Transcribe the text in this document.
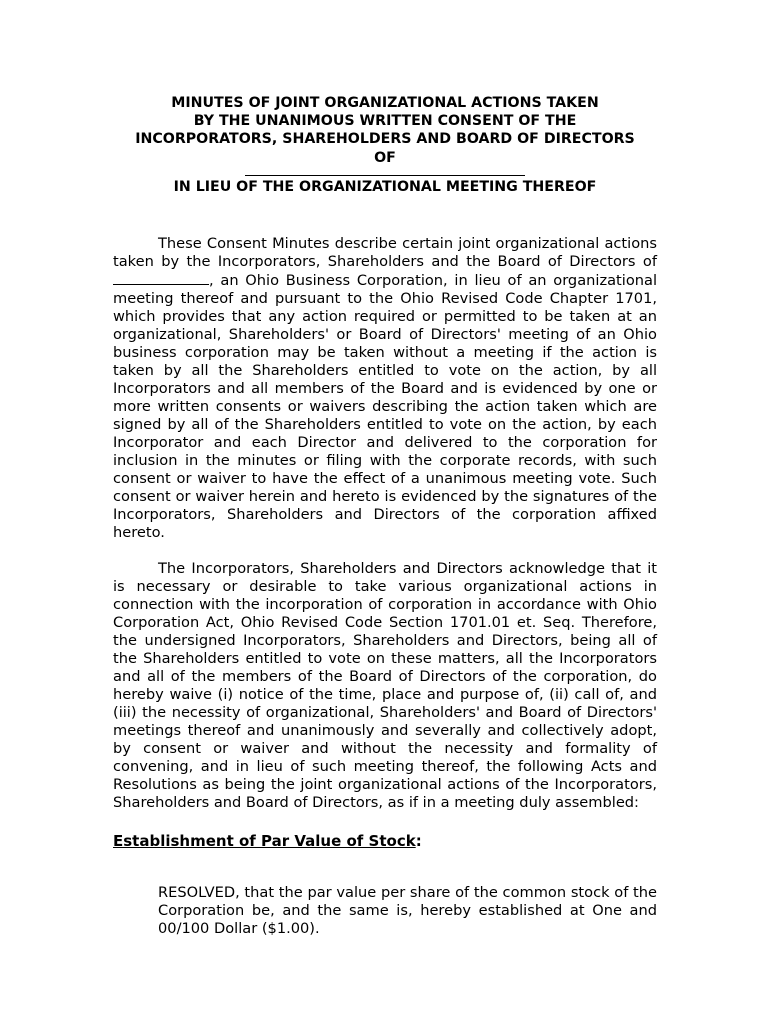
MINUTES OF JOINT ORGANIZATIONAL ACTIONS TAKEN
BY THE UNANIMOUS WRITTEN CONSENT OF THE
INCORPORATORS, SHAREHOLDERS AND BOARD OF DIRECTORS
OF
IN LIEU OF THE ORGANIZATIONAL MEETING THEREOF

These Consent Minutes describe certain joint organizational actions taken by the Incorporators, Shareholders and the Board of Directors of , an Ohio Business Corporation, in lieu of an organizational meeting thereof and pursuant to the Ohio Revised Code Chapter 1701, which provides that any action required or permitted to be taken at an organizational, Shareholders' or Board of Directors' meeting of an Ohio business corporation may be taken without a meeting if the action is taken by all the Shareholders entitled to vote on the action, by all Incorporators and all members of the Board and is evidenced by one or more written consents or waivers describing the action taken which are signed by all of the Shareholders entitled to vote on the action, by each Incorporator and each Director and delivered to the corporation for inclusion in the minutes or filing with the corporate records, with such consent or waiver to have the effect of a unanimous meeting vote. Such consent or waiver herein and hereto is evidenced by the signatures of the Incorporators, Shareholders and Directors of the corporation affixed hereto.

The Incorporators, Shareholders and Directors acknowledge that it is necessary or desirable to take various organizational actions in connection with the incorporation of corporation in accordance with Ohio Corporation Act, Ohio Revised Code Section 1701.01 et. Seq. Therefore, the undersigned Incorporators, Shareholders and Directors, being all of the Shareholders entitled to vote on these matters, all the Incorporators and all of the members of the Board of Directors of the corporation, do hereby waive (i) notice of the time, place and purpose of, (ii) call of, and (iii) the necessity of organizational, Shareholders' and Board of Directors' meetings thereof and unanimously and severally and collectively adopt, by consent or waiver and without the necessity and formality of convening, and in lieu of such meeting thereof, the following Acts and Resolutions as being the joint organizational actions of the Incorporators, Shareholders and Board of Directors, as if in a meeting duly assembled:

Establishment of Par Value of Stock:

RESOLVED, that the par value per share of the common stock of the Corporation be, and the same is, hereby established at One and 00/100 Dollar ($1.00).
